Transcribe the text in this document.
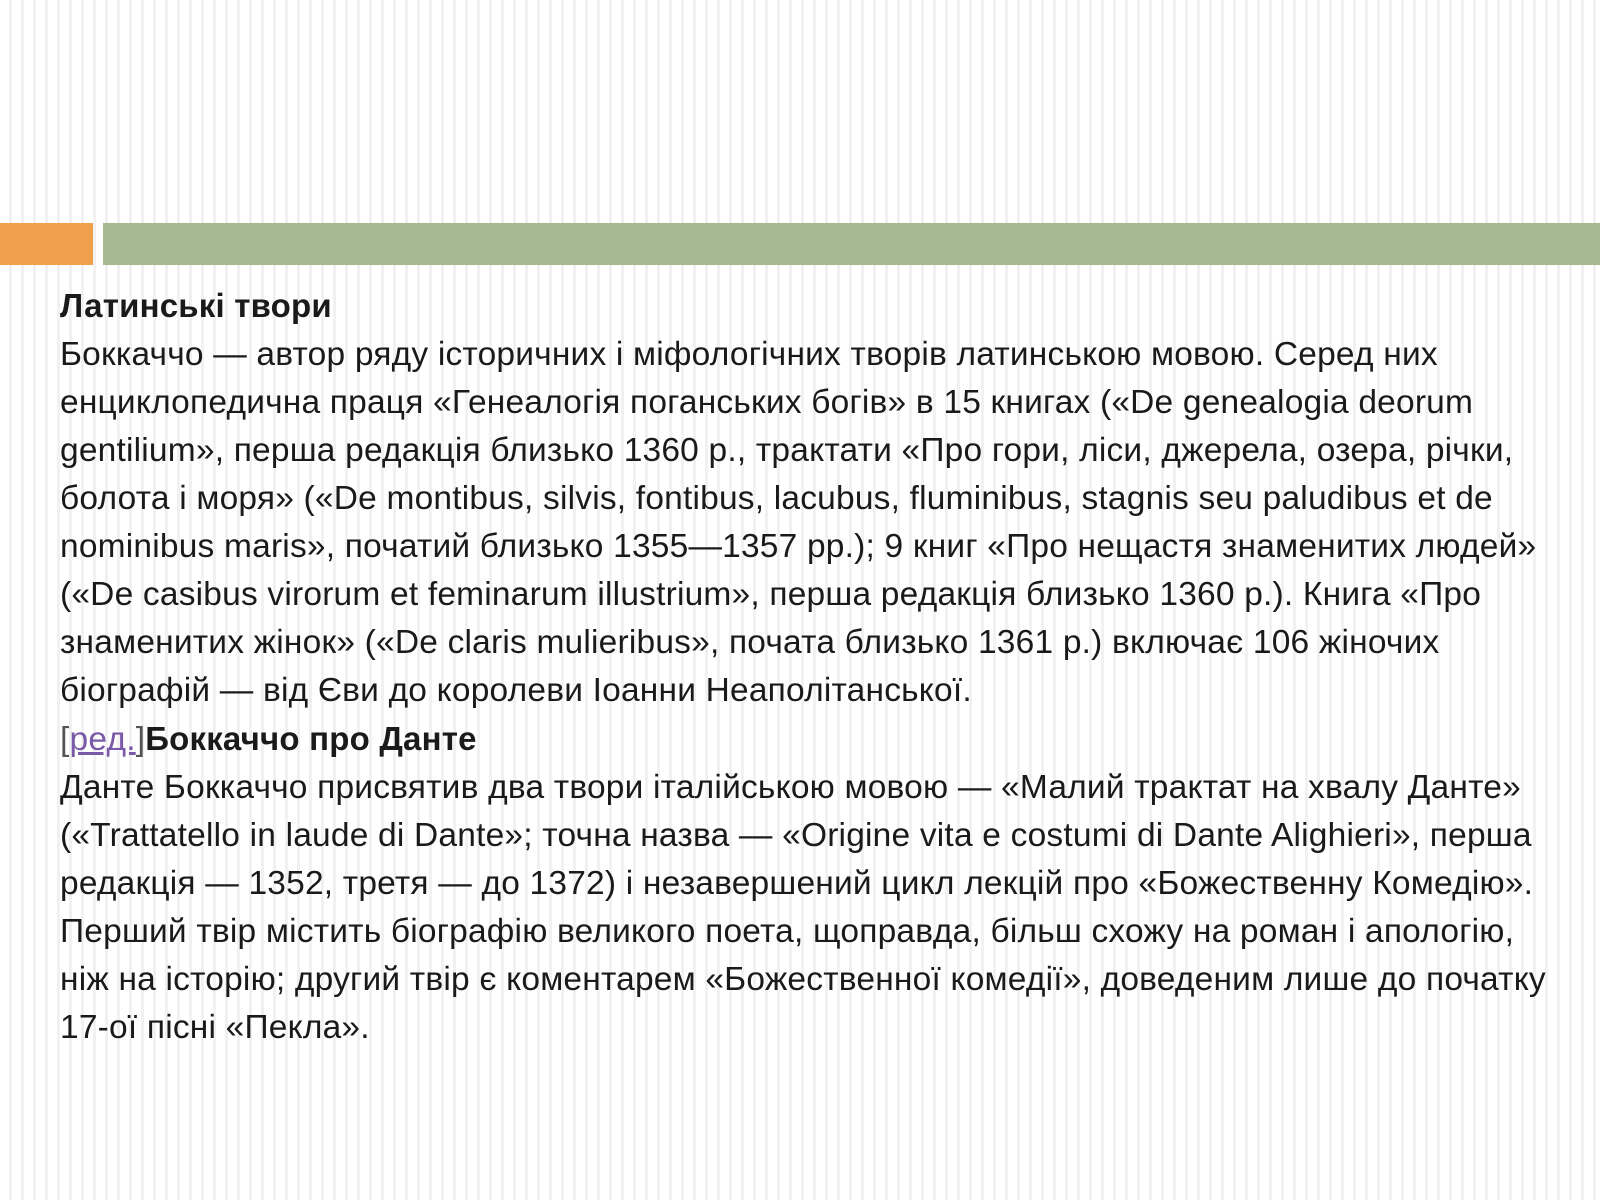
Латинські твори

Боккаччо — автор ряду історичних і міфологічних творів латинською мовою. Серед них енциклопедична праця «Генеалогія поганських богів» в 15 книгах («De genealogia deorum gentilium», перша редакція близько 1360 р., трактати «Про гори, ліси, джерела, озера, річки, болота і моря» («De montibus, silvis, fontibus, lacubus, fluminibus, stagnis seu paludibus et de nominibus maris», початий близько 1355—1357 рр.); 9 книг «Про нещастя знаменитих людей» («De casibus virorum et feminarum illustrium», перша редакція близько 1360 р.). Книга «Про знаменитих жінок» («De claris mulieribus», почата близько 1361 р.) включає 106 жіночих біографій — від Єви до королеви Іоанни Неаполітанської.

[ред.]Боккаччо про Данте

Данте Боккаччо присвятив два твори італійською мовою — «Малий трактат на хвалу Данте» («Trattatello in laude di Dante»; точна назва — «Origine vita e costumi di Dante Alighieri», перша редакція — 1352, третя — до 1372) і незавершений цикл лекцій про «Божественну Комедію».

Перший твір містить біографію великого поета, щоправда, більш схожу на роман і апологію, ніж на історію; другий твір є коментарем «Божественної комедії», доведеним лише до початку 17-ої пісні «Пекла».
